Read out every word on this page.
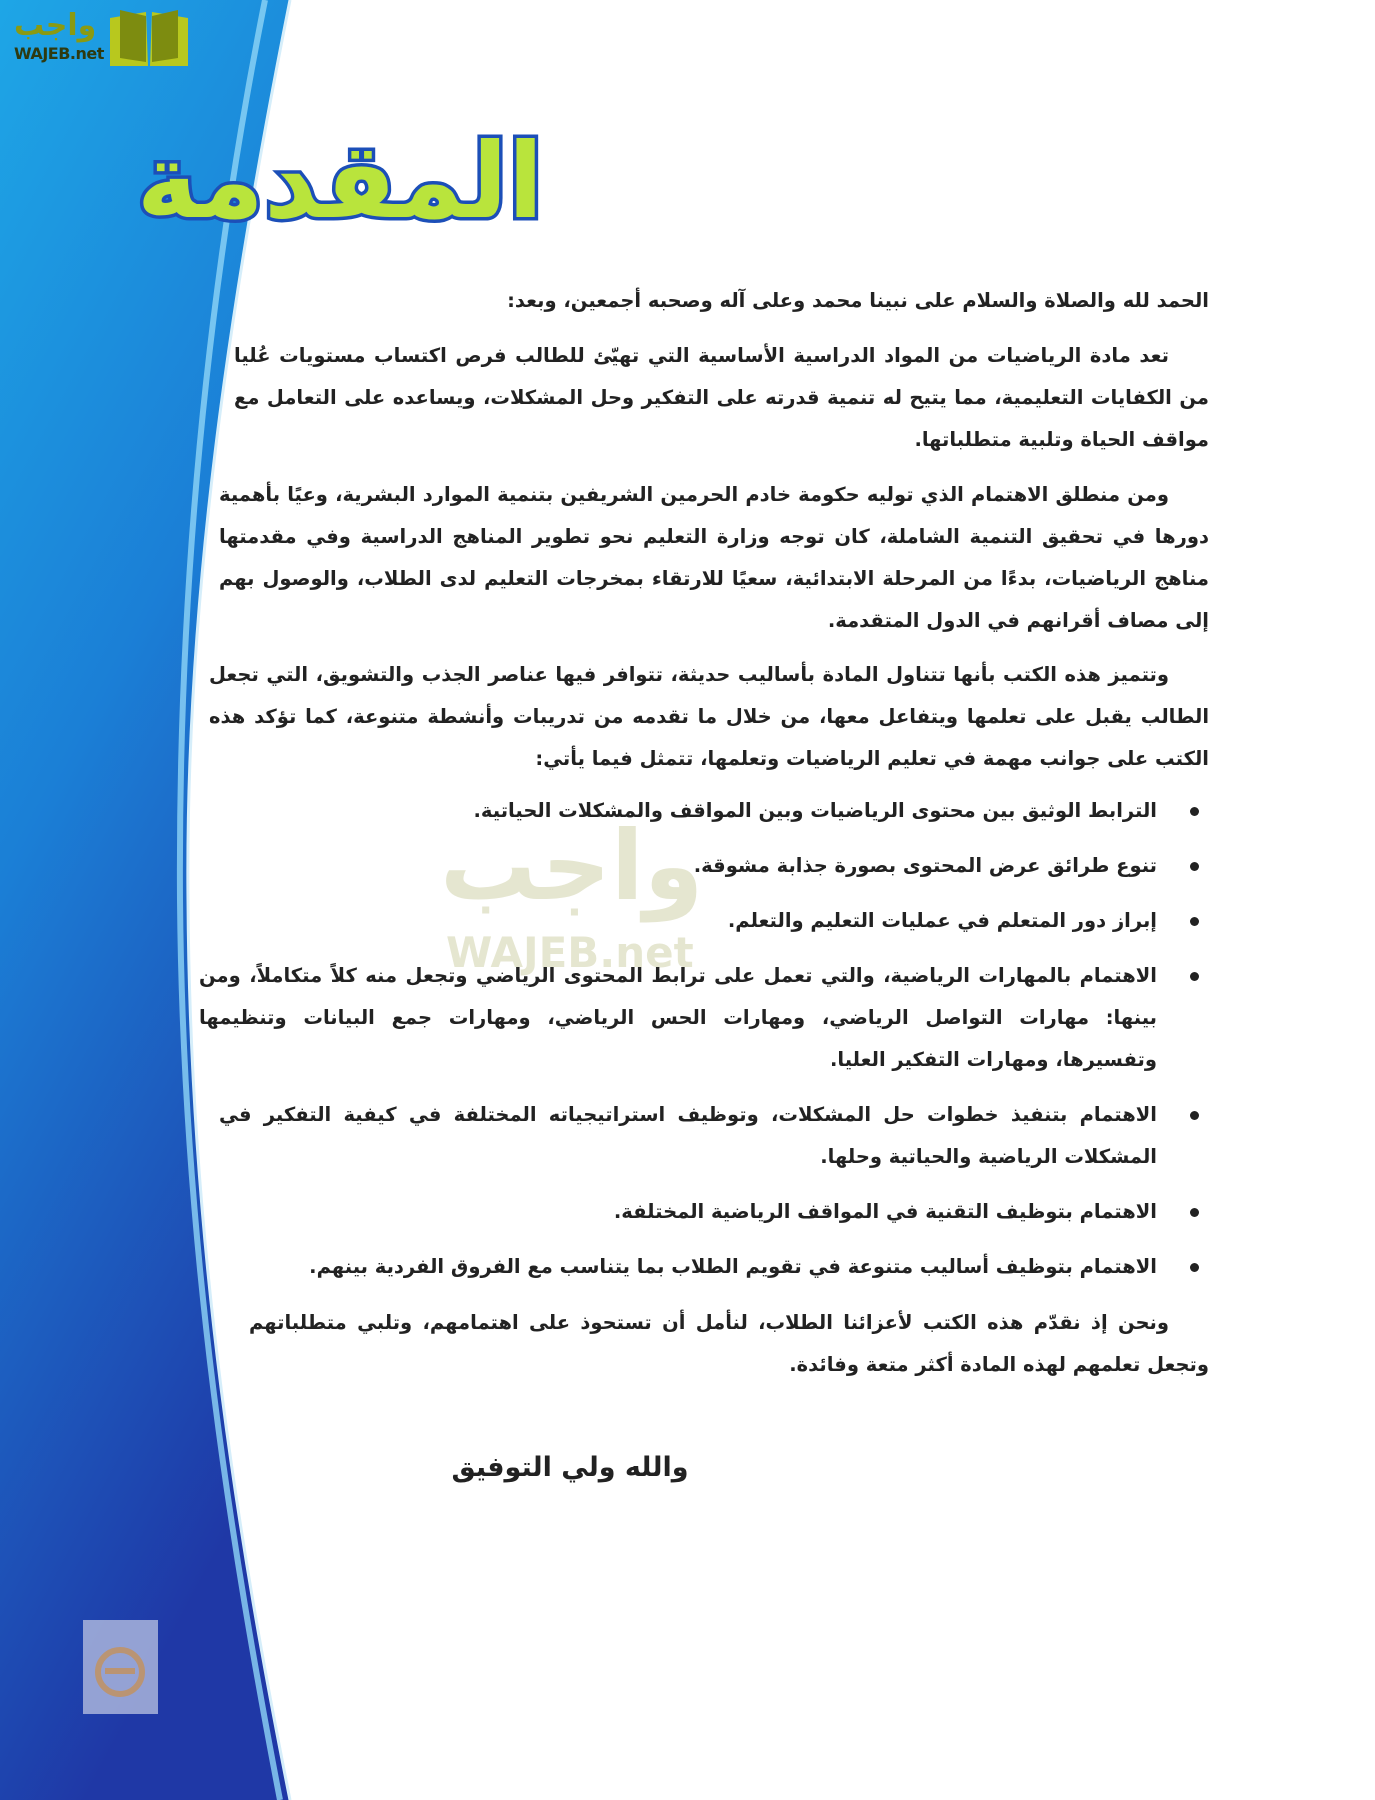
واجب
WAJEB.net
المقدمة
واجب
WAJEB.net
الحمد لله والصلاة والسلام على نبينا محمد وعلى آله وصحبه أجمعين، وبعد:
تعد مادة الرياضيات من المواد الدراسية الأساسية التي تهيّئ للطالب فرص اكتساب مستويات عُليا من الكفايات التعليمية، مما يتيح له تنمية قدرته على التفكير وحل المشكلات، ويساعده على التعامل مع مواقف الحياة وتلبية متطلباتها.
ومن منطلق الاهتمام الذي توليه حكومة خادم الحرمين الشريفين بتنمية الموارد البشرية، وعيًا بأهمية دورها في تحقيق التنمية الشاملة، كان توجه وزارة التعليم نحو تطوير المناهج الدراسية وفي مقدمتها مناهج الرياضيات، بدءًا من المرحلة الابتدائية، سعيًا للارتقاء بمخرجات التعليم لدى الطلاب، والوصول بهم إلى مصاف أقرانهم في الدول المتقدمة.
وتتميز هذه الكتب بأنها تتناول المادة بأساليب حديثة، تتوافر فيها عناصر الجذب والتشويق، التي تجعل الطالب يقبل على تعلمها ويتفاعل معها، من خلال ما تقدمه من تدريبات وأنشطة متنوعة، كما تؤكد هذه الكتب على جوانب مهمة في تعليم الرياضيات وتعلمها، تتمثل فيما يأتي:
الترابط الوثيق بين محتوى الرياضيات وبين المواقف والمشكلات الحياتية.
تنوع طرائق عرض المحتوى بصورة جذابة مشوقة.
إبراز دور المتعلم في عمليات التعليم والتعلم.
الاهتمام بالمهارات الرياضية، والتي تعمل على ترابط المحتوى الرياضي وتجعل منه كلاً متكاملاً، ومن بينها: مهارات التواصل الرياضي، ومهارات الحس الرياضي، ومهارات جمع البيانات وتنظيمها وتفسيرها، ومهارات التفكير العليا.
الاهتمام بتنفيذ خطوات حل المشكلات، وتوظيف استراتيجياته المختلفة في كيفية التفكير في المشكلات الرياضية والحياتية وحلها.
الاهتمام بتوظيف التقنية في المواقف الرياضية المختلفة.
الاهتمام بتوظيف أساليب متنوعة في تقويم الطلاب بما يتناسب مع الفروق الفردية بينهم.
ونحن إذ نقدّم هذه الكتب لأعزائنا الطلاب، لنأمل أن تستحوذ على اهتمامهم، وتلبي متطلباتهم وتجعل تعلمهم لهذه المادة أكثر متعة وفائدة.
والله ولي التوفيق
